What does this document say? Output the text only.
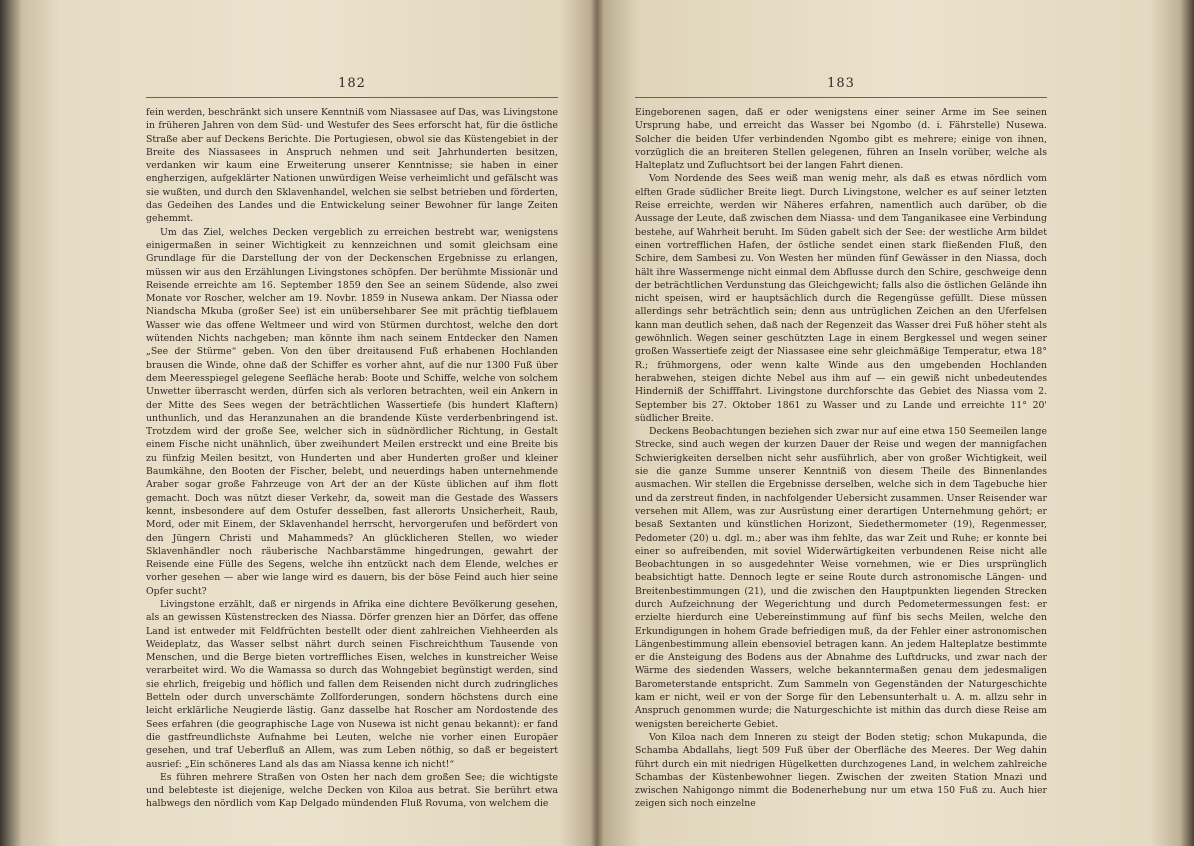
182

fein werden, beschränkt sich unsere Kenntniß vom Niassasee auf Das, was Livingstone in früheren Jahren von dem Süd- und Westufer des Sees erforscht hat, für die östliche Straße aber auf Deckens Berichte. Die Portugiesen, obwol sie das Küstengebiet in der Breite des Niassasees in Anspruch nehmen und seit Jahrhunderten besitzen, verdanken wir kaum eine Erweiterung unserer Kenntnisse; sie haben in einer engherzigen, aufgeklärter Nationen unwürdigen Weise verheimlicht und gefälscht was sie wußten, und durch den Sklavenhandel, welchen sie selbst betrieben und förderten, das Gedeihen des Landes und die Entwickelung seiner Bewohner für lange Zeiten gehemmt.

Um das Ziel, welches Decken vergeblich zu erreichen bestrebt war, wenigstens einigermaßen in seiner Wichtigkeit zu kennzeichnen und somit gleichsam eine Grundlage für die Darstellung der von der Deckenschen Ergebnisse zu erlangen, müssen wir aus den Erzählungen Livingstones schöpfen. Der berühmte Missionär und Reisende erreichte am 16. September 1859 den See an seinem Südende, also zwei Monate vor Roscher, welcher am 19. Novbr. 1859 in Nusewa ankam. Der Niassa oder Niandscha Mkuba (großer See) ist ein unübersehbarer See mit prächtig tiefblauem Wasser wie das offene Weltmeer und wird von Stürmen durchtost, welche den dort wütenden Nichts nachgeben; man könnte ihm nach seinem Entdecker den Namen „See der Stürme“ geben. Von den über dreitausend Fuß erhabenen Hochlanden brausen die Winde, ohne daß der Schiffer es vorher ahnt, auf die nur 1300 Fuß über dem Meeresspiegel gelegene Seefläche herab: Boote und Schiffe, welche von solchem Unwetter überrascht werden, dürfen sich als verloren betrachten, weil ein Ankern in der Mitte des Sees wegen der beträchtlichen Wassertiefe (bis hundert Klaftern) unthunlich, und das Heranzunahen an die brandende Küste verderbenbringend ist. Trotzdem wird der große See, welcher sich in südnördlicher Richtung, in Gestalt einem Fische nicht unähnlich, über zweihundert Meilen erstreckt und eine Breite bis zu fünfzig Meilen besitzt, von Hunderten und aber Hunderten großer und kleiner Baumkähne, den Booten der Fischer, belebt, und neuerdings haben unternehmende Araber sogar große Fahrzeuge von Art der an der Küste üblichen auf ihm flott gemacht. Doch was nützt dieser Verkehr, da, soweit man die Gestade des Wassers kennt, insbesondere auf dem Ostufer desselben, fast allerorts Unsicherheit, Raub, Mord, oder mit Einem, der Sklavenhandel herrscht, hervorgerufen und befördert von den Jüngern Christi und Mahammeds? An glücklicheren Stellen, wo wieder Sklavenhändler noch räuberische Nachbarstämme hingedrungen, gewahrt der Reisende eine Fülle des Segens, welche ihn entzückt nach dem Elende, welches er vorher gesehen — aber wie lange wird es dauern, bis der böse Feind auch hier seine Opfer sucht?

Livingstone erzählt, daß er nirgends in Afrika eine dichtere Bevölkerung gesehen, als an gewissen Küstenstrecken des Niassa. Dörfer grenzen hier an Dörfer, das offene Land ist entweder mit Feldfrüchten bestellt oder dient zahlreichen Viehheerden als Weideplatz, das Wasser selbst nährt durch seinen Fischreichthum Tausende von Menschen, und die Berge bieten vortreffliches Eisen, welches in kunstreicher Weise verarbeitet wird. Wo die Wamassa so durch das Wohngebiet begünstigt werden, sind sie ehrlich, freigebig und höflich und fallen dem Reisenden nicht durch zudringliches Betteln oder durch unverschämte Zollforderungen, sondern höchstens durch eine leicht erklärliche Neugierde lästig. Ganz dasselbe hat Roscher am Nordostende des Sees erfahren (die geographische Lage von Nusewa ist nicht genau bekannt): er fand die gastfreundlichste Aufnahme bei Leuten, welche nie vorher einen Europäer gesehen, und traf Ueberfluß an Allem, was zum Leben nöthig, so daß er begeistert ausrief: „Ein schöneres Land als das am Niassa kenne ich nicht!“

Es führen mehrere Straßen von Osten her nach dem großen See; die wichtigste und belebteste ist diejenige, welche Decken von Kiloa aus betrat. Sie berührt etwa halbwegs den nördlich vom Kap Delgado mündenden Fluß Rovuma, von welchem die

183

Eingeborenen sagen, daß er oder wenigstens einer seiner Arme im See seinen Ursprung habe, und erreicht das Wasser bei Ngombo (d. i. Fährstelle) Nusewa. Solcher die beiden Ufer verbindenden Ngombo gibt es mehrere; einige von ihnen, vorzüglich die an breiteren Stellen gelegenen, führen an Inseln vorüber, welche als Halteplatz und Zufluchtsort bei der langen Fahrt dienen.

Vom Nordende des Sees weiß man wenig mehr, als daß es etwas nördlich vom elften Grade südlicher Breite liegt. Durch Livingstone, welcher es auf seiner letzten Reise erreichte, werden wir Näheres erfahren, namentlich auch darüber, ob die Aussage der Leute, daß zwischen dem Niassa- und dem Tanganikasee eine Verbindung bestehe, auf Wahrheit beruht. Im Süden gabelt sich der See: der westliche Arm bildet einen vortrefflichen Hafen, der östliche sendet einen stark fließenden Fluß, den Schire, dem Sambesi zu. Von Westen her münden fünf Gewässer in den Niassa, doch hält ihre Wassermenge nicht einmal dem Abflusse durch den Schire, geschweige denn der beträchtlichen Verdunstung das Gleichgewicht; falls also die östlichen Gelände ihn nicht speisen, wird er hauptsächlich durch die Regengüsse gefüllt. Diese müssen allerdings sehr beträchtlich sein; denn aus untrüglichen Zeichen an den Uferfelsen kann man deutlich sehen, daß nach der Regenzeit das Wasser drei Fuß höher steht als gewöhnlich. Wegen seiner geschützten Lage in einem Bergkessel und wegen seiner großen Wassertiefe zeigt der Niassasee eine sehr gleichmäßige Temperatur, etwa 18° R.; frühmorgens, oder wenn kalte Winde aus den umgebenden Hochlanden herabwehen, steigen dichte Nebel aus ihm auf — ein gewiß nicht unbedeutendes Hinderniß der Schifffahrt. Livingstone durchforschte das Gebiet des Niassa vom 2. September bis 27. Oktober 1861 zu Wasser und zu Lande und erreichte 11° 20' südlicher Breite.

Deckens Beobachtungen beziehen sich zwar nur auf eine etwa 150 Seemeilen lange Strecke, sind auch wegen der kurzen Dauer der Reise und wegen der mannigfachen Schwierigkeiten derselben nicht sehr ausführlich, aber von großer Wichtigkeit, weil sie die ganze Summe unserer Kenntniß von diesem Theile des Binnenlandes ausmachen. Wir stellen die Ergebnisse derselben, welche sich in dem Tagebuche hier und da zerstreut finden, in nachfolgender Uebersicht zusammen. Unser Reisender war versehen mit Allem, was zur Ausrüstung einer derartigen Unternehmung gehört; er besaß Sextanten und künstlichen Horizont, Siedethermometer (19), Regenmesser, Pedometer (20) u. dgl. m.; aber was ihm fehlte, das war Zeit und Ruhe; er konnte bei einer so aufreibenden, mit soviel Widerwärtigkeiten verbundenen Reise nicht alle Beobachtungen in so ausgedehnter Weise vornehmen, wie er Dies ursprünglich beabsichtigt hatte. Dennoch legte er seine Route durch astronomische Längen- und Breitenbestimmungen (21), und die zwischen den Hauptpunkten liegenden Strecken durch Aufzeichnung der Wegerichtung und durch Pedometermessungen fest: er erzielte hierdurch eine Uebereinstimmung auf fünf bis sechs Meilen, welche den Erkundigungen in hohem Grade befriedigen muß, da der Fehler einer astronomischen Längenbestimmung allein ebensoviel betragen kann. An jedem Halteplatze bestimmte er die Ansteigung des Bodens aus der Abnahme des Luftdrucks, und zwar nach der Wärme des siedenden Wassers, welche bekanntermaßen genau dem jedesmaligen Barometerstande entspricht. Zum Sammeln von Gegenständen der Naturgeschichte kam er nicht, weil er von der Sorge für den Lebensunterhalt u. A. m. allzu sehr in Anspruch genommen wurde; die Naturgeschichte ist mithin das durch diese Reise am wenigsten bereicherte Gebiet.

Von Kiloa nach dem Inneren zu steigt der Boden stetig; schon Mukapunda, die Schamba Abdallahs, liegt 509 Fuß über der Oberfläche des Meeres. Der Weg dahin führt durch ein mit niedrigen Hügelketten durchzogenes Land, in welchem zahlreiche Schambas der Küstenbewohner liegen. Zwischen der zweiten Station Mnazi und zwischen Nahigongo nimmt die Bodenerhebung nur um etwa 150 Fuß zu. Auch hier zeigen sich noch einzelne
